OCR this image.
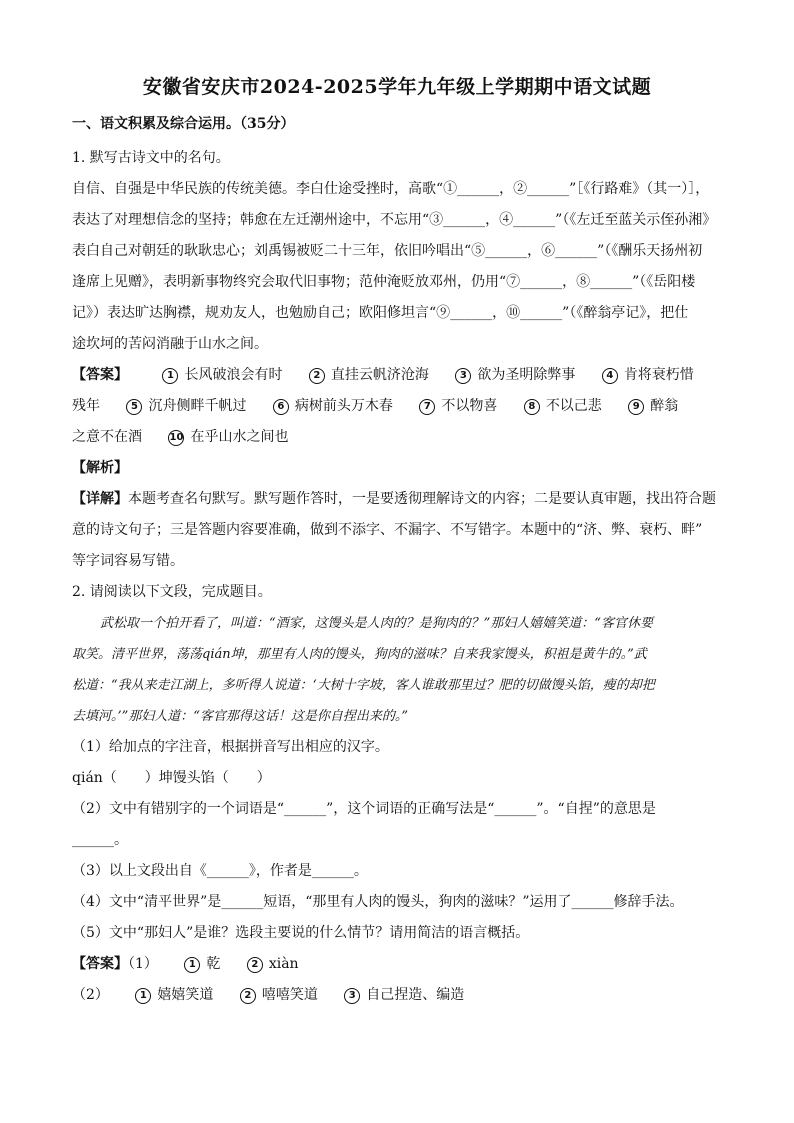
安徽省安庆市2024-2025学年九年级上学期期中语文试题
一、语文积累及综合运用。（35分）

1. 默写古诗文中的名句。

自信、自强是中华民族的传统美德。李白仕途受挫时，高歌“①______，②______”［《行路难》（其一）］，

表达了对理想信念的坚持；韩愈在左迁潮州途中，不忘用“③______，④______”（《左迁至蓝关示侄孙湘》

表白自己对朝廷的耿耿忠心；刘禹锡被贬二十三年，依旧吟唱出“⑤______，⑥______”（《酬乐天扬州初

逢席上见赠》，表明新事物终究会取代旧事物；范仲淹贬放邓州，仍用“⑦______，⑧______”（《岳阳楼

记》）表达旷达胸襟，规劝友人，也勉励自己；欧阳修坦言“⑨______，⑩______”（《醉翁亭记》，把仕

途坎坷的苦闷消融于山水之间。

【答案】	1 长风破浪会有时	2 直挂云帆济沧海	3 欲为圣明除弊事	4 肯将衰朽惜

残年	5 沉舟侧畔千帆过	6 病树前头万木春	7 不以物喜	8 不以己悲	9 醉翁

之意不在酒	10 在乎山水之间也

【解析】

【详解】本题考查名句默写。默写题作答时，一是要透彻理解诗文的内容；二是要认真审题，找出符合题

意的诗文句子；三是答题内容要准确，做到不添字、不漏字、不写错字。本题中的“济、弊、衰朽、畔”

等字词容易写错。

2. 请阅读以下文段，完成题目。

武松取一个拍开看了，叫道：“酒家，这馒头是人肉的？是狗肉的？”那妇人嬉嬉笑道：“客官休要

取笑。清平世界，荡荡qián坤，那里有人肉的馒头，狗肉的滋味？自来我家馒头，积祖是黄牛的。”武

松道：“我从来走江湖上，多听得人说道：‘大树十字坡，客人谁敢那里过？肥的切做馒头馅，瘦的却把

去填河。’”那妇人道：“客官那得这话！这是你自捏出来的。”

（1）给加点的字注音，根据拼音写出相应的汉字。

qián（　　）坤馒头馅（　　）

（2）文中有错别字的一个词语是“______”，这个词语的正确写法是“______”。“自捏”的意思是

______。

（3）以上文段出自《______》，作者是______。

（4）文中“清平世界”是______短语，“那里有人肉的馒头，狗肉的滋味？”运用了______修辞手法。

（5）文中“那妇人”是谁？选段主要说的什么情节？请用简洁的语言概括。

【答案】（1）	1 乾	2 xiàn

（2）	1 嬉嬉笑道	2 嘻嘻笑道	3 自己捏造、编造
